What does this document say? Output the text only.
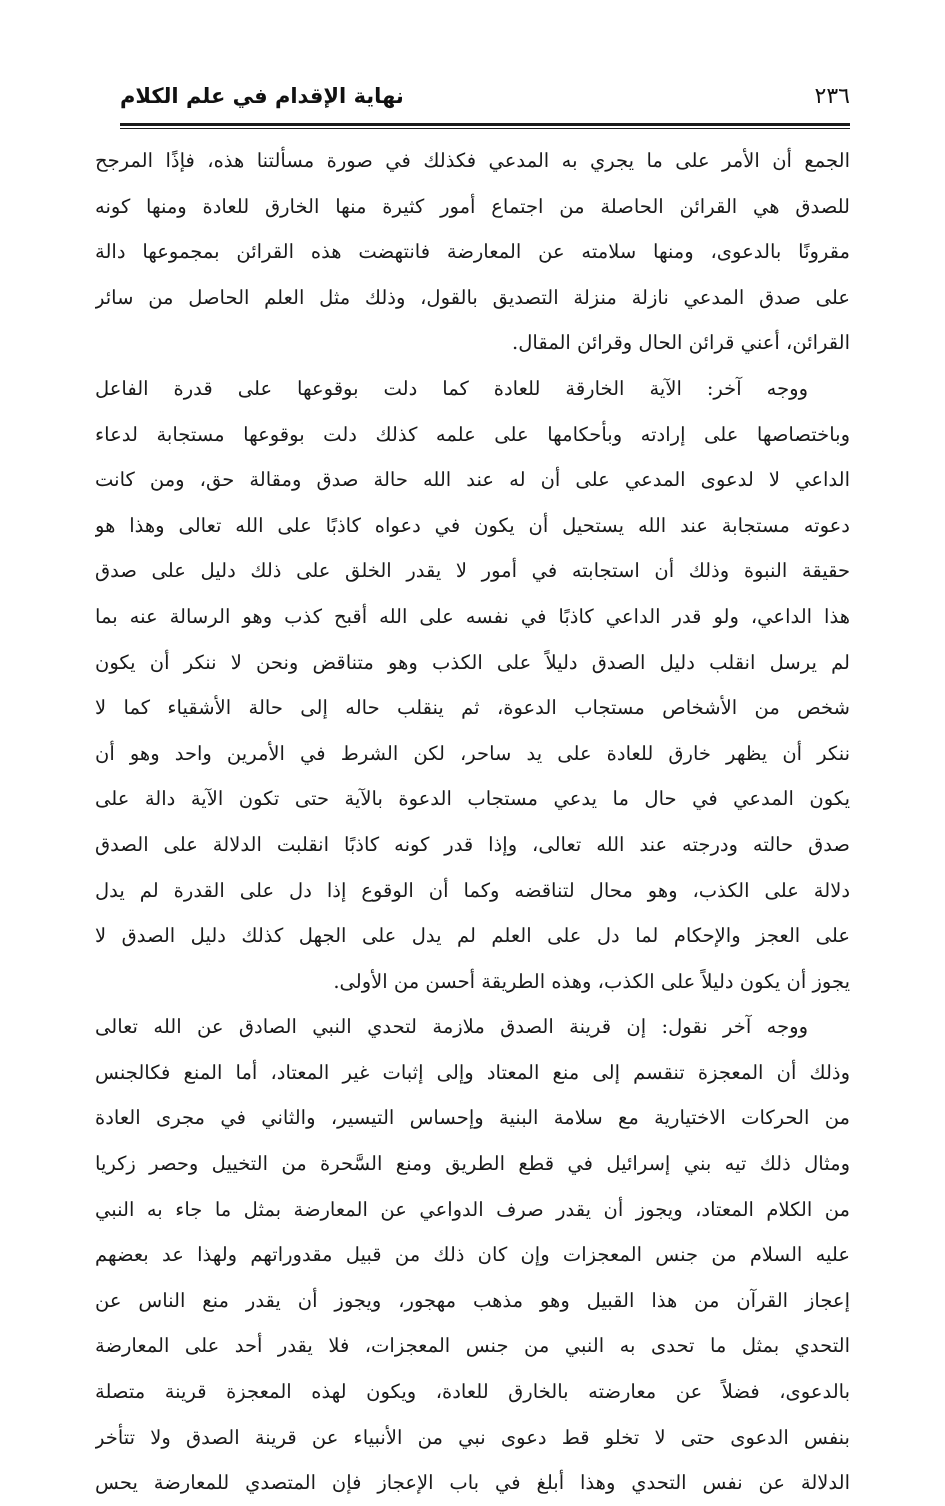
٢٣٦
نهاية الإقدام في علم الكلام
الجمع أن الأمر على ما يجري به المدعي فكذلك في صورة مسألتنا هذه، فإذًا المرجح
للصدق هي القرائن الحاصلة من اجتماع أمور كثيرة منها الخارق للعادة ومنها كونه
مقرونًا بالدعوى، ومنها سلامته عن المعارضة فانتهضت هذه القرائن بمجموعها دالة
على صدق المدعي نازلة منزلة التصديق بالقول، وذلك مثل العلم الحاصل من سائر
القرائن، أعني قرائن الحال وقرائن المقال.
ووجه آخر: الآية الخارقة للعادة كما دلت بوقوعها على قدرة الفاعل
وباختصاصها على إرادته وبأحكامها على علمه كذلك دلت بوقوعها مستجابة لدعاء
الداعي لا لدعوى المدعي على أن له عند الله حالة صدق ومقالة حق، ومن كانت
دعوته مستجابة عند الله يستحيل أن يكون في دعواه كاذبًا على الله تعالى وهذا هو
حقيقة النبوة وذلك أن استجابته في أمور لا يقدر الخلق على ذلك دليل على صدق
هذا الداعي، ولو قدر الداعي كاذبًا في نفسه على الله أقبح كذب وهو الرسالة عنه بما
لم يرسل انقلب دليل الصدق دليلاً على الكذب وهو متناقض ونحن لا ننكر أن يكون
شخص من الأشخاص مستجاب الدعوة، ثم ينقلب حاله إلى حالة الأشقياء كما لا
ننكر أن يظهر خارق للعادة على يد ساحر، لكن الشرط في الأمرين واحد وهو أن
يكون المدعي في حال ما يدعي مستجاب الدعوة بالآية حتى تكون الآية دالة على
صدق حالته ودرجته عند الله تعالى، وإذا قدر كونه كاذبًا انقلبت الدلالة على الصدق
دلالة على الكذب، وهو محال لتناقضه وكما أن الوقوع إذا دل على القدرة لم يدل
على العجز والإحكام لما دل على العلم لم يدل على الجهل كذلك دليل الصدق لا
يجوز أن يكون دليلاً على الكذب، وهذه الطريقة أحسن من الأولى.
ووجه آخر نقول: إن قرينة الصدق ملازمة لتحدي النبي الصادق عن الله تعالى
وذلك أن المعجزة تنقسم إلى منع المعتاد وإلى إثبات غير المعتاد، أما المنع فكالجنس
من الحركات الاختيارية مع سلامة البنية وإحساس التيسير، والثاني في مجرى العادة
ومثال ذلك تيه بني إسرائيل في قطع الطريق ومنع السَّحرة من التخييل وحصر زكريا
من الكلام المعتاد، ويجوز أن يقدر صرف الدواعي عن المعارضة بمثل ما جاء به النبي
عليه السلام من جنس المعجزات وإن كان ذلك من قبيل مقدوراتهم ولهذا عد بعضهم
إعجاز القرآن من هذا القبيل وهو مذهب مهجور، ويجوز أن يقدر منع الناس عن
التحدي بمثل ما تحدى به النبي من جنس المعجزات، فلا يقدر أحد على المعارضة
بالدعوى، فضلاً عن معارضته بالخارق للعادة، ويكون لهذه المعجزة قرينة متصلة
بنفس الدعوى حتى لا تخلو قط دعوى نبي من الأنبياء عن قرينة الصدق ولا تتأخر
الدلالة عن نفس التحدي وهذا أبلغ في باب الإعجاز فإن المتصدي للمعارضة يحس
